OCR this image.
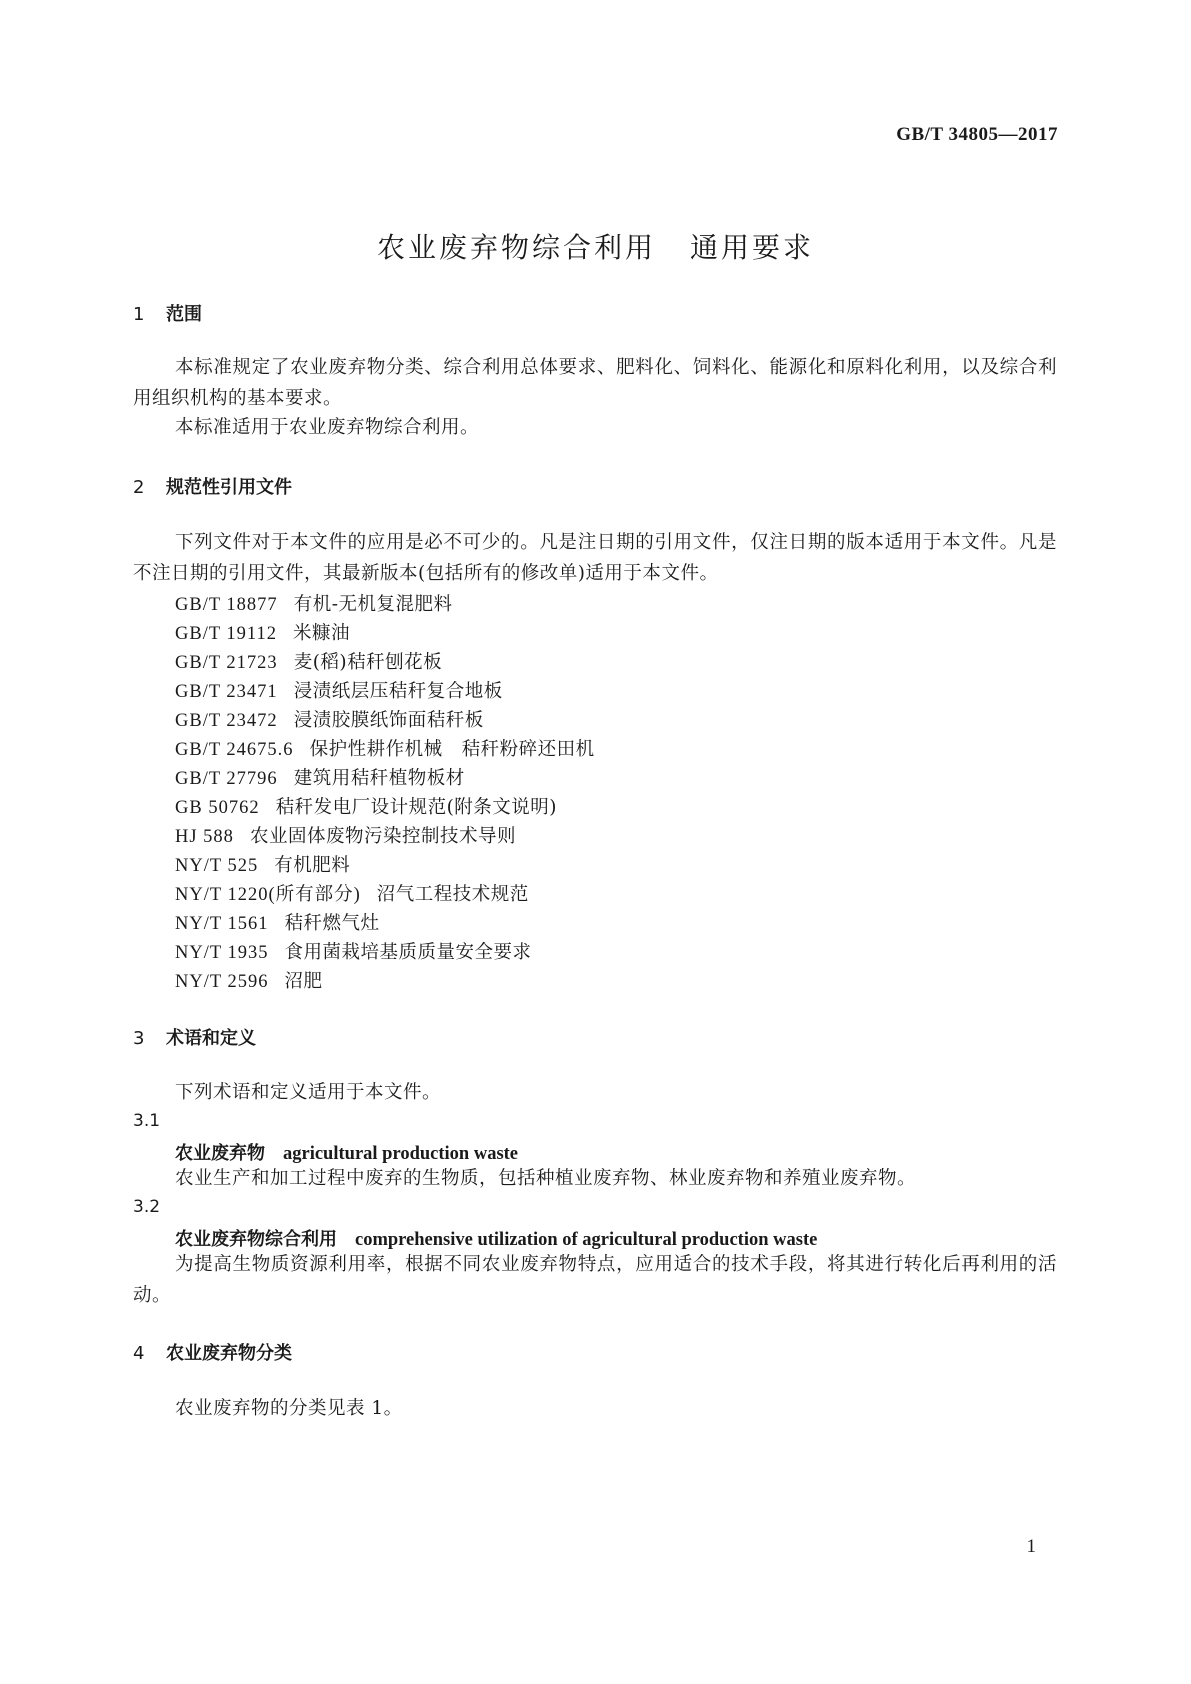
GB/T 34805—2017
农业废弃物综合利用 通用要求
1 范围
本标准规定了农业废弃物分类、综合利用总体要求、肥料化、饲料化、能源化和原料化利用，以及综合利用组织机构的基本要求。
本标准适用于农业废弃物综合利用。
2 规范性引用文件
下列文件对于本文件的应用是必不可少的。凡是注日期的引用文件，仅注日期的版本适用于本文件。凡是不注日期的引用文件，其最新版本(包括所有的修改单)适用于本文件。
GB/T 18877 有机-无机复混肥料
GB/T 19112 米糠油
GB/T 21723 麦(稻)秸秆刨花板
GB/T 23471 浸渍纸层压秸秆复合地板
GB/T 23472 浸渍胶膜纸饰面秸秆板
GB/T 24675.6 保护性耕作机械　秸秆粉碎还田机
GB/T 27796 建筑用秸秆植物板材
GB 50762 秸秆发电厂设计规范(附条文说明)
HJ 588 农业固体废物污染控制技术导则
NY/T 525 有机肥料
NY/T 1220(所有部分) 沼气工程技术规范
NY/T 1561 秸秆燃气灶
NY/T 1935 食用菌栽培基质质量安全要求
NY/T 2596 沼肥
3 术语和定义
下列术语和定义适用于本文件。
3.1
农业废弃物 agricultural production waste
农业生产和加工过程中废弃的生物质，包括种植业废弃物、林业废弃物和养殖业废弃物。
3.2
农业废弃物综合利用 comprehensive utilization of agricultural production waste
为提高生物质资源利用率，根据不同农业废弃物特点，应用适合的技术手段，将其进行转化后再利用的活动。
4 农业废弃物分类
农业废弃物的分类见表 1。
1
